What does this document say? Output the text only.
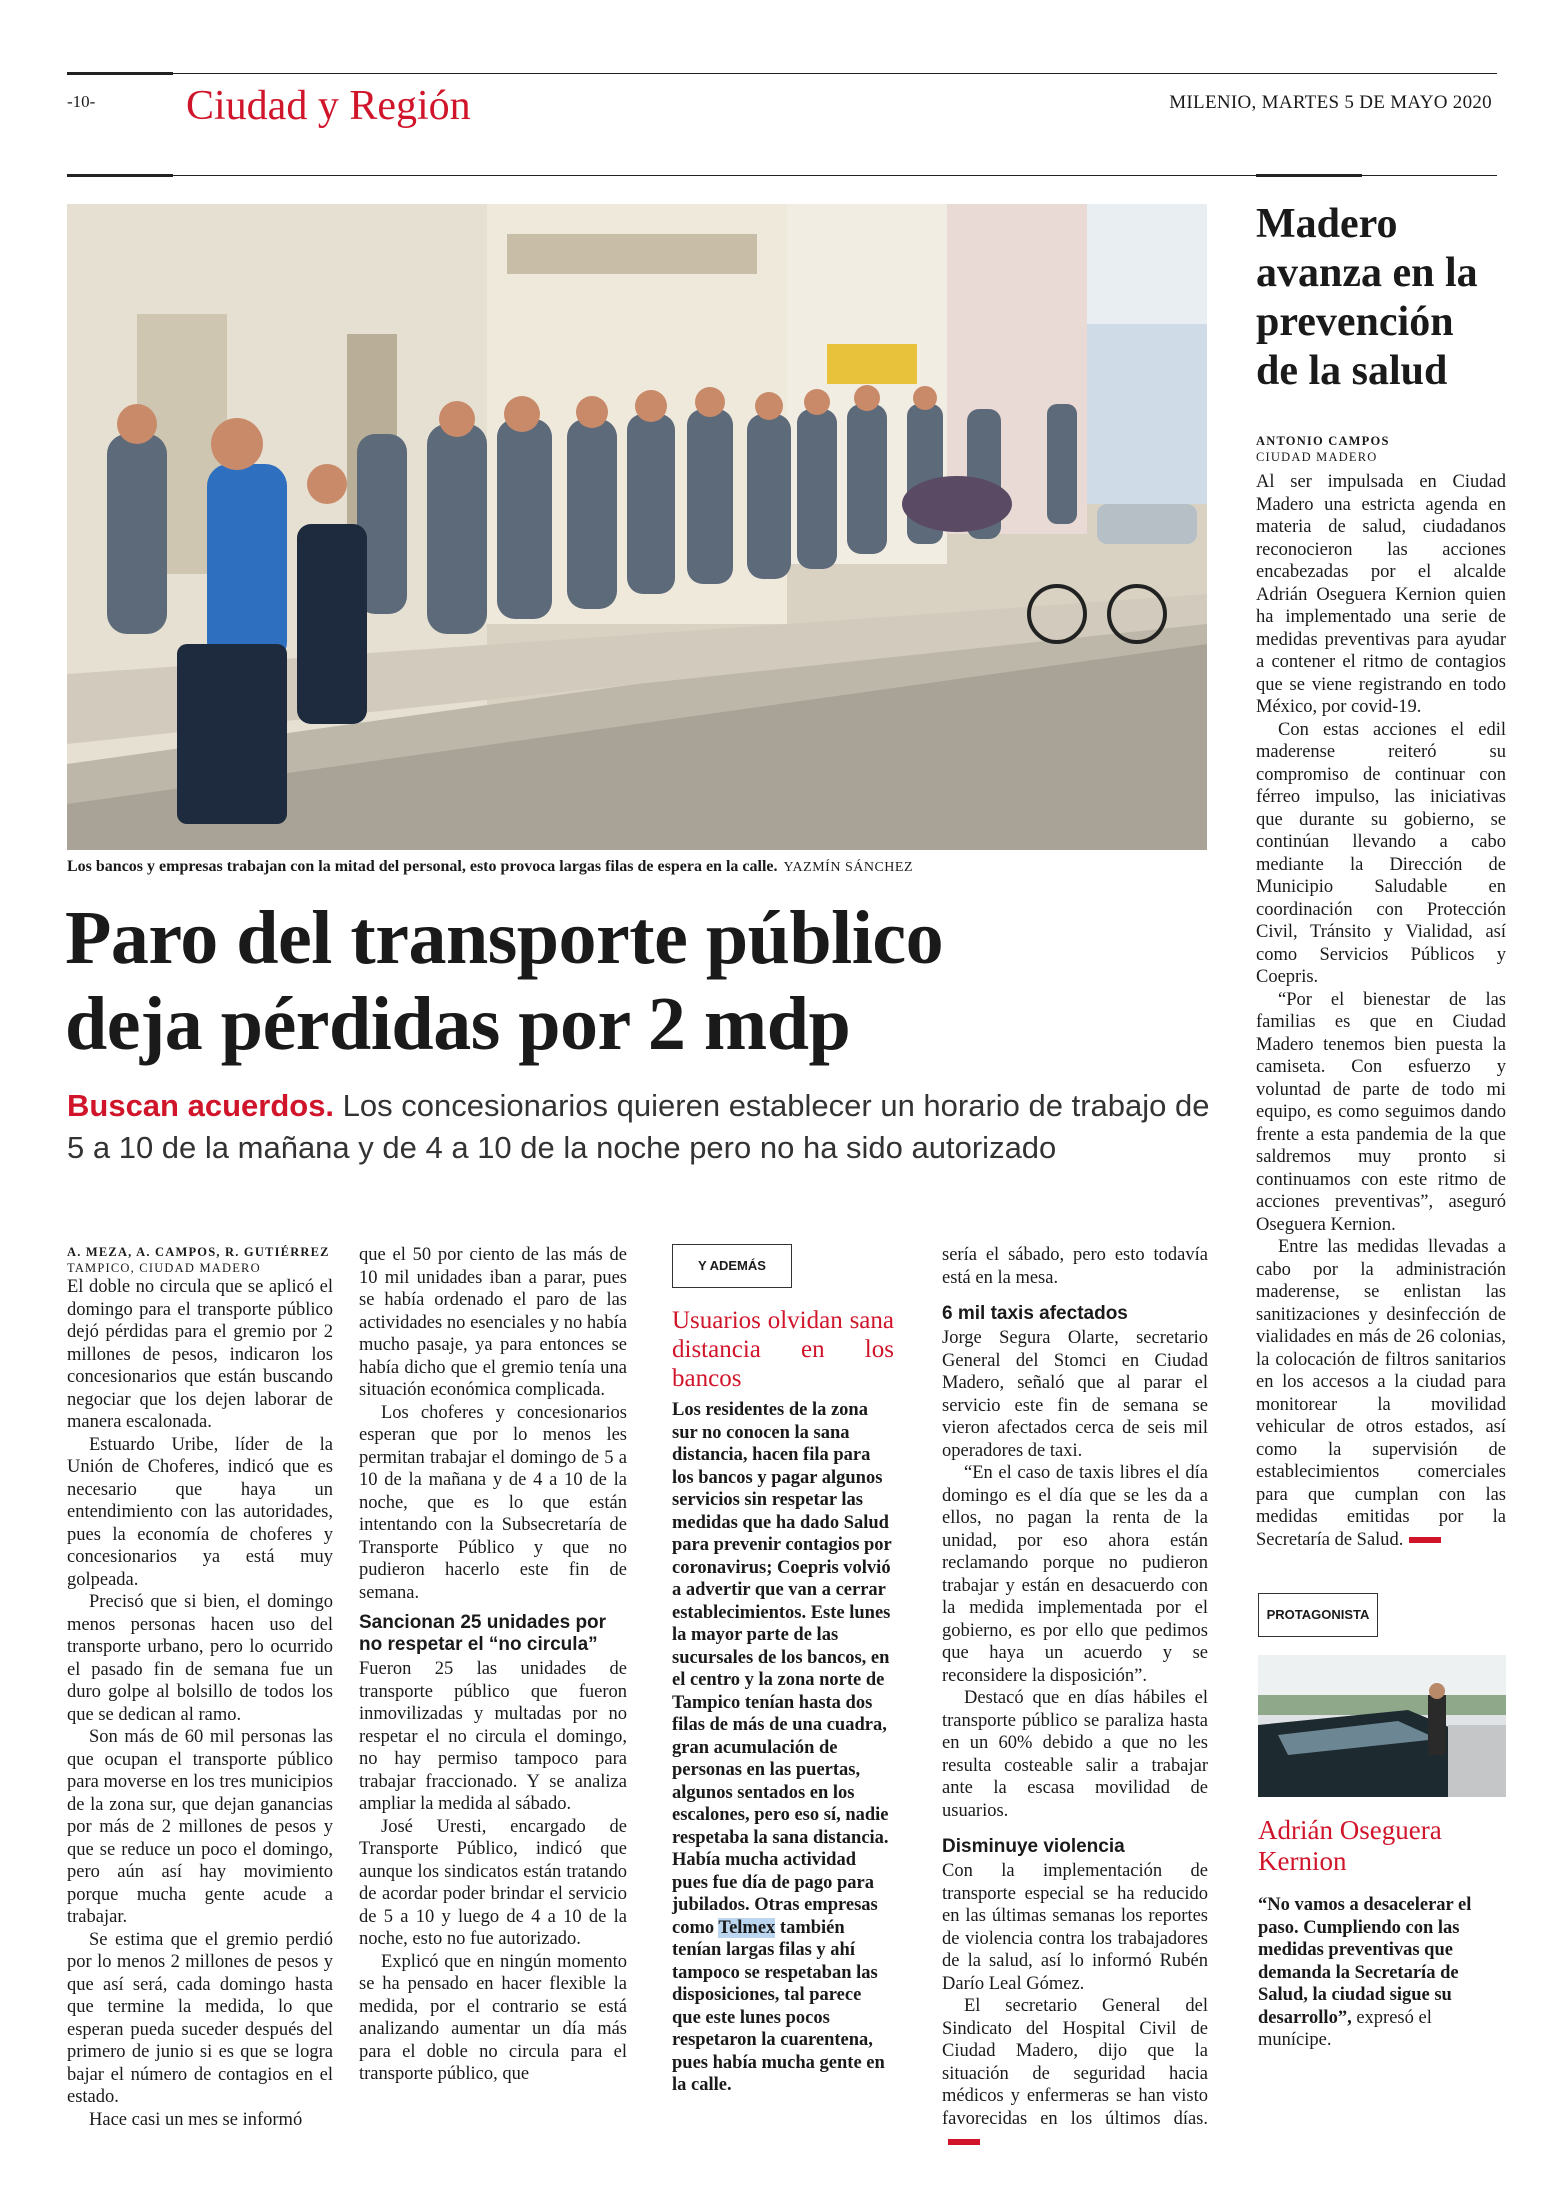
-10- Ciudad y Región	MILENIO, MARTES 5 DE MAYO 2020
Los bancos y empresas trabajan con la mitad del personal, esto provoca largas filas de espera en la calle. YAZMÍN SÁNCHEZ
Paro del transporte público
deja pérdidas por 2 mdp
Buscan acuerdos. Los concesionarios quieren establecer un horario de trabajo de 5 a 10 de la mañana y de 4 a 10 de la noche pero no ha sido autorizado
A. MEZA, A. CAMPOS, R. GUTIÉRREZ
TAMPICO, CIUDAD MADERO

El doble no circula que se aplicó el domingo para el transporte público dejó pérdidas para el gremio por 2 millones de pesos, indicaron los concesionarios que están buscando negociar que los dejen laborar de manera escalonada.

Estuardo Uribe, líder de la Unión de Choferes, indicó que es necesario que haya un entendimiento con las autoridades, pues la economía de choferes y concesionarios ya está muy golpeada.

Precisó que si bien, el domingo menos personas hacen uso del transporte urbano, pero lo ocurrido el pasado fin de semana fue un duro golpe al bolsillo de todos los que se dedican al ramo.

Son más de 60 mil personas las que ocupan el transporte público para moverse en los tres municipios de la zona sur, que dejan ganancias por más de 2 millones de pesos y que se reduce un poco el domingo, pero aún así hay movimiento porque mucha gente acude a trabajar.

Se estima que el gremio perdió por lo menos 2 millones de pesos y que así será, cada domingo hasta que termine la medida, lo que esperan pueda suceder después del primero de junio si es que se logra bajar el número de contagios en el estado.

Hace casi un mes se informó

que el 50 por ciento de las más de 10 mil unidades iban a parar, pues se había ordenado el paro de las actividades no esenciales y no había mucho pasaje, ya para entonces se había dicho que el gremio tenía una situación económica complicada.

Los choferes y concesionarios esperan que por lo menos les permitan trabajar el domingo de 5 a 10 de la mañana y de 4 a 10 de la noche, que es lo que están intentando con la Subsecretaría de Transporte Público y que no pudieron hacerlo este fin de semana.

Sancionan 25 unidades por no respetar el “no circula”

Fueron 25 las unidades de transporte público que fueron inmovilizadas y multadas por no respetar el no circula el domingo, no hay permiso tampoco para trabajar fraccionado. Y se analiza ampliar la medida al sábado.

José Uresti, encargado de Transporte Público, indicó que aunque los sindicatos están tratando de acordar poder brindar el servicio de 5 a 10 y luego de 4 a 10 de la noche, esto no fue autorizado.

Explicó que en ningún momento se ha pensado en hacer flexible la medida, por el contrario se está analizando aumentar un día más para el doble no circula para el transporte público, que

Y ADEMÁS
Usuarios olvidan sana distancia en los bancos
Los residentes de la zona sur no conocen la sana distancia, hacen fila para los bancos y pagar algunos servicios sin respetar las medidas que ha dado Salud para prevenir contagios por coronavirus; Coepris volvió a advertir que van a cerrar establecimientos. Este lunes la mayor parte de las sucursales de los bancos, en el centro y la zona norte de Tampico tenían hasta dos filas de más de una cuadra, gran acumulación de personas en las puertas, algunos sentados en los escalones, pero eso sí, nadie respetaba la sana distancia. Había mucha actividad pues fue día de pago para jubilados. Otras empresas como Telmex también tenían largas filas y ahí tampoco se respetaban las disposiciones, tal parece que este lunes pocos respetaron la cuarentena, pues había mucha gente en la calle.

sería el sábado, pero esto todavía está en la mesa.

6 mil taxis afectados

Jorge Segura Olarte, secretario General del Stomci en Ciudad Madero, señaló que al parar el servicio este fin de semana se vieron afectados cerca de seis mil operadores de taxi.

“En el caso de taxis libres el día domingo es el día que se les da a ellos, no pagan la renta de la unidad, por eso ahora están reclamando porque no pudieron trabajar y están en desacuerdo con la medida implementada por el gobierno, es por ello que pedimos que haya un acuerdo y se reconsidere la disposición”.

Destacó que en días hábiles el transporte público se paraliza hasta en un 60% debido a que no les resulta costeable salir a trabajar ante la escasa movilidad de usuarios.

Disminuye violencia

Con la implementación de transporte especial se ha reducido en las últimas semanas los reportes de violencia contra los trabajadores de la salud, así lo informó Rubén Darío Leal Gómez.

El secretario General del Sindicato del Hospital Civil de Ciudad Madero, dijo que la situación de seguridad hacia médicos y enfermeras se han visto favorecidas en los últimos días.

Madero avanza en la prevención de la salud
ANTONIO CAMPOS
CIUDAD MADERO

Al ser impulsada en Ciudad Madero una estricta agenda en materia de salud, ciudadanos reconocieron las acciones encabezadas por el alcalde Adrián Oseguera Kernion quien ha implementado una serie de medidas preventivas para ayudar a contener el ritmo de contagios que se viene registrando en todo México, por covid-19.

Con estas acciones el edil maderense reiteró su compromiso de continuar con férreo impulso, las iniciativas que durante su gobierno, se continúan llevando a cabo mediante la Dirección de Municipio Saludable en coordinación con Protección Civil, Tránsito y Vialidad, así como Servicios Públicos y Coepris.

“Por el bienestar de las familias es que en Ciudad Madero tenemos bien puesta la camiseta. Con esfuerzo y voluntad de parte de todo mi equipo, es como seguimos dando frente a esta pandemia de la que saldremos muy pronto si continuamos con este ritmo de acciones preventivas”, aseguró Oseguera Kernion.

Entre las medidas llevadas a cabo por la administración maderense, se enlistan las sanitizaciones y desinfección de vialidades en más de 26 colonias, la colocación de filtros sanitarios en los accesos a la ciudad para monitorear la movilidad vehicular de otros estados, así como la supervisión de establecimientos comerciales para que cumplan con las medidas emitidas por la Secretaría de Salud.

PROTAGONISTA
Adrián Oseguera Kernion
“No vamos a desacelerar el paso. Cumpliendo con las medidas preventivas que demanda la Secretaría de Salud, la ciudad sigue su desarrollo”, expresó el munícipe.
